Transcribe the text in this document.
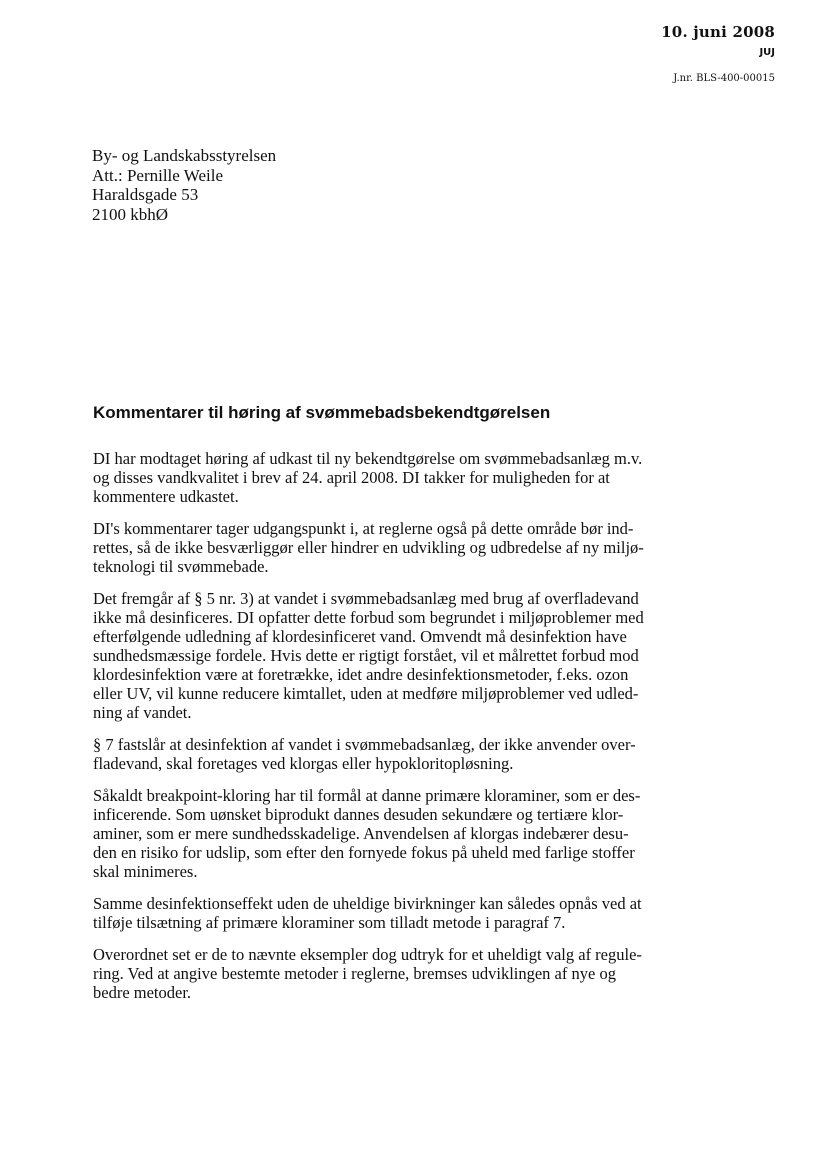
10. juni 2008
JUJ
J.nr. BLS-400-00015
By- og Landskabsstyrelsen
Att.: Pernille Weile
Haraldsgade 53
2100 kbhØ
Kommentarer til høring af svømmebadsbekendtgørelsen

DI har modtaget høring af udkast til ny bekendtgørelse om svømmebadsanlæg m.v.
og disses vandkvalitet i brev af 24. april 2008. DI takker for muligheden for at
kommentere udkastet.

DI's kommentarer tager udgangspunkt i, at reglerne også på dette område bør ind-
rettes, så de ikke besværliggør eller hindrer en udvikling og udbredelse af ny miljø-
teknologi til svømmebade.

Det fremgår af § 5 nr. 3) at vandet i svømmebadsanlæg med brug af overfladevand
ikke må desinficeres. DI opfatter dette forbud som begrundet i miljøproblemer med
efterfølgende udledning af klordesinficeret vand. Omvendt må desinfektion have
sundhedsmæssige fordele. Hvis dette er rigtigt forstået, vil et målrettet forbud mod
klordesinfektion være at foretrække, idet andre desinfektionsmetoder, f.eks. ozon
eller UV, vil kunne reducere kimtallet, uden at medføre miljøproblemer ved udled-
ning af vandet.

§ 7 fastslår at desinfektion af vandet i svømmebadsanlæg, der ikke anvender over-
fladevand, skal foretages ved klorgas eller hypokloritopløsning.

Såkaldt breakpoint-kloring har til formål at danne primære kloraminer, som er des-
inficerende. Som uønsket biprodukt dannes desuden sekundære og tertiære klor-
aminer, som er mere sundhedsskadelige. Anvendelsen af klorgas indebærer desu-
den en risiko for udslip, som efter den fornyede fokus på uheld med farlige stoffer
skal minimeres.

Samme desinfektionseffekt uden de uheldige bivirkninger kan således opnås ved at
tilføje tilsætning af primære kloraminer som tilladt metode i paragraf 7.

Overordnet set er de to nævnte eksempler dog udtryk for et uheldigt valg af regule-
ring. Ved at angive bestemte metoder i reglerne, bremses udviklingen af nye og
bedre metoder.
